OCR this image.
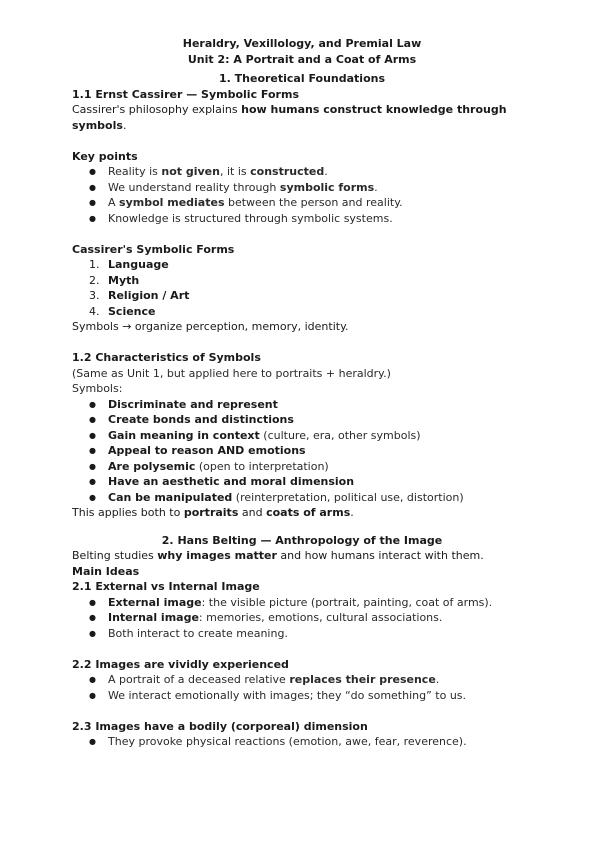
Heraldry, Vexillology, and Premial Law
Unit 2: A Portrait and a Coat of Arms
1. Theoretical Foundations
1.1 Ernst Cassirer — Symbolic Forms

Cassirer's philosophy explains how humans construct knowledge through symbols.

Key points
● Reality is not given, it is constructed.
● We understand reality through symbolic forms.
● A symbol mediates between the person and reality.
● Knowledge is structured through symbolic systems.
Cassirer's Symbolic Forms
1. Language
2. Myth
3. Religion / Art
4. Science

Symbols → organize perception, memory, identity.

1.2 Characteristics of Symbols

(Same as Unit 1, but applied here to portraits + heraldry.)

Symbols:

● Discriminate and represent
● Create bonds and distinctions
● Gain meaning in context (culture, era, other symbols)
● Appeal to reason AND emotions
● Are polysemic (open to interpretation)
● Have an aesthetic and moral dimension
● Can be manipulated (reinterpretation, political use, distortion)

This applies both to portraits and coats of arms.

2. Hans Belting — Anthropology of the Image

Belting studies why images matter and how humans interact with them.

Main Ideas
2.1 External vs Internal Image
● External image: the visible picture (portrait, painting, coat of arms).
● Internal image: memories, emotions, cultural associations.
● Both interact to create meaning.
2.2 Images are vividly experienced
● A portrait of a deceased relative replaces their presence.
● We interact emotionally with images; they “do something” to us.
2.3 Images have a bodily (corporeal) dimension
● They provoke physical reactions (emotion, awe, fear, reverence).
